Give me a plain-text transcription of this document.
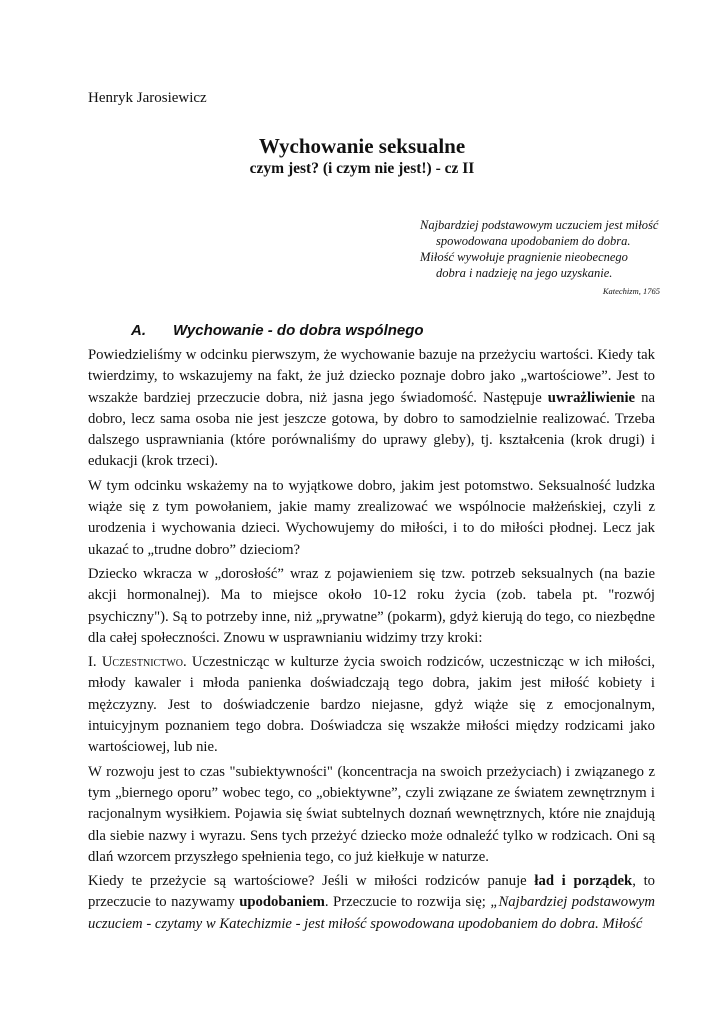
Henryk Jarosiewicz
Wychowanie seksualne
czym jest? (i czym nie jest!) - cz II

Najbardziej podstawowym uczuciem jest miłość spowodowana upodobaniem do dobra.

Miłość wywołuje pragnienie nieobecnego dobra i nadzieję na jego uzyskanie.

Katechizm, 1765

A. Wychowanie - do dobra wspólnego

Powiedzieliśmy w odcinku pierwszym, że wychowanie bazuje na przeżyciu wartości. Kiedy tak twierdzimy, to wskazujemy na fakt, że już dziecko poznaje dobro jako „wartościowe”. Jest to wszakże bardziej przeczucie dobra, niż jasna jego świadomość. Następuje uwrażliwienie na dobro, lecz sama osoba nie jest jeszcze gotowa, by dobro to samodzielnie realizować. Trzeba dalszego usprawniania (które porównaliśmy do uprawy gleby), tj. kształcenia (krok drugi) i edukacji (krok trzeci).

W tym odcinku wskażemy na to wyjątkowe dobro, jakim jest potomstwo. Seksualność ludzka wiąże się z tym powołaniem, jakie mamy zrealizować we wspólnocie małżeńskiej, czyli z urodzenia i wychowania dzieci. Wychowujemy do miłości, i to do miłości płodnej. Lecz jak ukazać to „trudne dobro” dzieciom?

Dziecko wkracza w „dorosłość” wraz z pojawieniem się tzw. potrzeb seksualnych (na bazie akcji hormonalnej). Ma to miejsce około 10-12 roku życia (zob. tabela pt. "rozwój psychiczny"). Są to potrzeby inne, niż „prywatne” (pokarm), gdyż kierują do tego, co niezbędne dla całej społeczności. Znowu w usprawnianiu widzimy trzy kroki:

I. Uczestnictwo. Uczestnicząc w kulturze życia swoich rodziców, uczestnicząc w ich miłości, młody kawaler i młoda panienka doświadczają tego dobra, jakim jest miłość kobiety i mężczyzny. Jest to doświadczenie bardzo niejasne, gdyż wiąże się z emocjonalnym, intuicyjnym poznaniem tego dobra. Doświadcza się wszakże miłości między rodzicami jako wartościowej, lub nie.

W rozwoju jest to czas "subiektywności" (koncentracja na swoich przeżyciach) i związanego z tym „biernego oporu” wobec tego, co „obiektywne”, czyli związane ze światem zewnętrznym i racjonalnym wysiłkiem. Pojawia się świat subtelnych doznań wewnętrznych, które nie znajdują dla siebie nazwy i wyrazu. Sens tych przeżyć dziecko może odnaleźć tylko w rodzicach. Oni są dlań wzorcem przyszłego spełnienia tego, co już kiełkuje w naturze.

Kiedy te przeżycie są wartościowe? Jeśli w miłości rodziców panuje ład i porządek, to przeczucie to nazywamy upodobaniem. Przeczucie to rozwija się; „Najbardziej podstawowym uczuciem - czytamy w Katechizmie - jest miłość spowodowana upodobaniem do dobra. Miłość
